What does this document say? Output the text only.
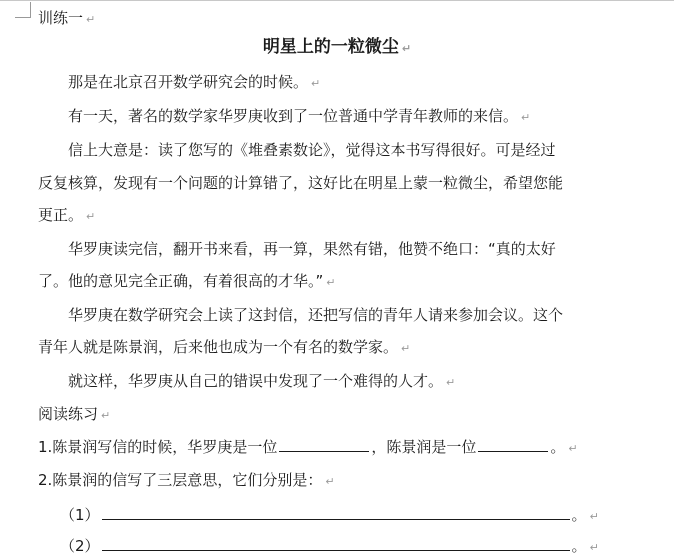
训练一 ↵
明星上的一粒微尘 ↵
那是在北京召开数学研究会的时候。 ↵
有一天，著名的数学家华罗庚收到了一位普通中学青年教师的来信。 ↵
信上大意是：读了您写的《堆叠素数论》，觉得这本书写得很好。可是经过
反复核算，发现有一个问题的计算错了，这好比在明星上蒙一粒微尘，希望您能
更正。 ↵
华罗庚读完信，翻开书来看，再一算，果然有错，他赞不绝口：“真的太好
了。他的意见完全正确，有着很高的才华。” ↵
华罗庚在数学研究会上读了这封信，还把写信的青年人请来参加会议。这个
青年人就是陈景润，后来他也成为一个有名的数学家。 ↵
就这样，华罗庚从自己的错误中发现了一个难得的人才。 ↵
阅读练习 ↵
1.陈景润写信的时候，华罗庚是一位	，陈景润是一位	。 ↵
2.陈景润的信写了三层意思，它们分别是： ↵
（1）	。 ↵
（2）	。 ↵
